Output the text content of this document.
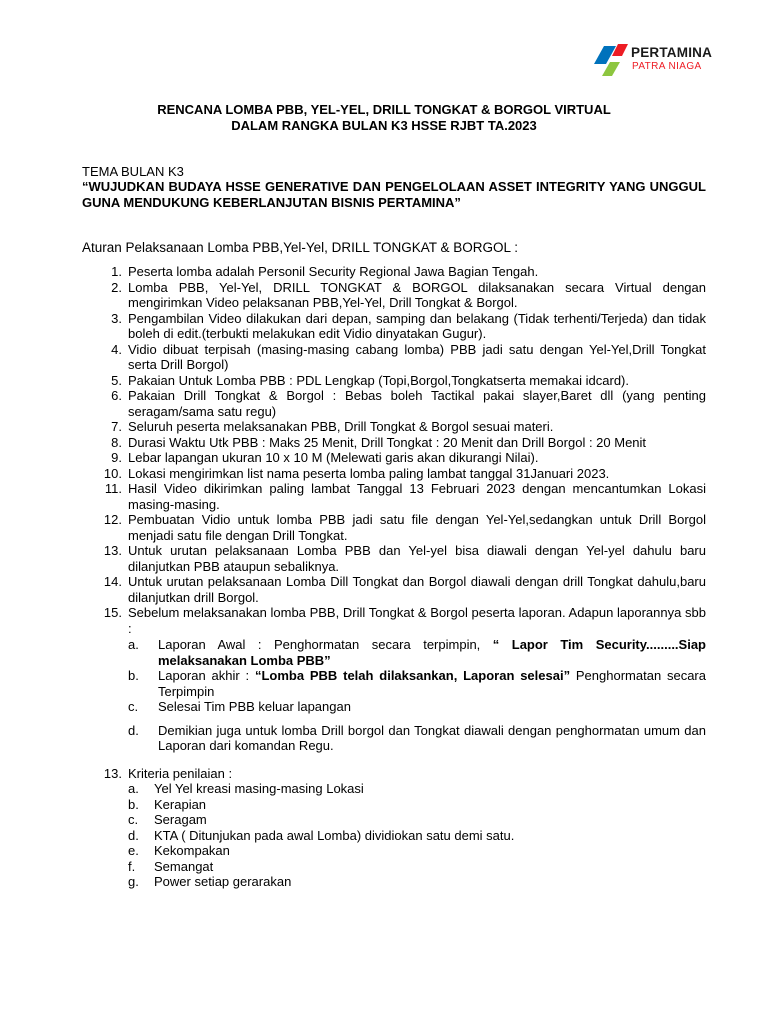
PERTAMINA
PATRA NIAGA
RENCANA LOMBA PBB, YEL-YEL, DRILL TONGKAT & BORGOL VIRTUAL
DALAM RANGKA BULAN K3 HSSE RJBT TA.2023
TEMA BULAN K3
“WUJUDKAN BUDAYA HSSE GENERATIVE DAN PENGELOLAAN ASSET INTEGRITY YANG UNGGUL GUNA MENDUKUNG KEBERLANJUTAN BISNIS PERTAMINA”
Aturan Pelaksanaan Lomba PBB,Yel-Yel, DRILL TONGKAT & BORGOL :
1. Peserta lomba adalah Personil Security Regional Jawa Bagian Tengah.
2. Lomba PBB, Yel-Yel, DRILL TONGKAT & BORGOL dilaksanakan secara Virtual dengan mengirimkan Video pelaksanan PBB,Yel-Yel, Drill Tongkat & Borgol.
3. Pengambilan Video dilakukan dari depan, samping dan belakang (Tidak terhenti/Terjeda) dan tidak boleh di edit.(terbukti melakukan edit Vidio dinyatakan Gugur).
4. Vidio dibuat terpisah (masing-masing cabang lomba) PBB jadi satu dengan Yel-Yel,Drill Tongkat serta Drill Borgol)
5. Pakaian Untuk Lomba PBB : PDL Lengkap (Topi,Borgol,Tongkatserta memakai idcard).
6. Pakaian Drill Tongkat & Borgol : Bebas boleh Tactikal pakai slayer,Baret dll (yang penting seragam/sama satu regu)
7. Seluruh peserta melaksanakan PBB, Drill Tongkat & Borgol sesuai materi.
8. Durasi Waktu Utk PBB : Maks 25 Menit, Drill Tongkat : 20 Menit dan Drill Borgol : 20 Menit
9. Lebar lapangan ukuran 10 x 10 M (Melewati garis akan dikurangi Nilai).
10. Lokasi mengirimkan list nama peserta lomba paling lambat tanggal 31Januari 2023.
11. Hasil Video dikirimkan paling lambat Tanggal 13 Februari 2023 dengan mencantumkan Lokasi masing-masing.
12. Pembuatan Vidio untuk lomba PBB jadi satu file dengan Yel-Yel,sedangkan untuk Drill Borgol menjadi satu file dengan Drill Tongkat.
13. Untuk urutan pelaksanaan Lomba PBB dan Yel-yel bisa diawali dengan Yel-yel dahulu baru dilanjutkan PBB ataupun sebaliknya.
14. Untuk urutan pelaksanaan Lomba Dill Tongkat dan Borgol diawali dengan drill Tongkat dahulu,baru dilanjutkan drill Borgol.
15. Sebelum melaksanakan lomba PBB, Drill Tongkat & Borgol peserta laporan. Adapun laporannya sbb :
a. Laporan Awal : Penghormatan secara terpimpin, “ Lapor Tim Security.........Siap melaksanakan Lomba PBB”
b. Laporan akhir : “Lomba PBB telah dilaksankan, Laporan selesai” Penghormatan secara Terpimpin
c. Selesai Tim PBB keluar lapangan
d. Demikian juga untuk lomba Drill borgol dan Tongkat diawali dengan penghormatan umum dan Laporan dari komandan Regu.
13. Kriteria penilaian :
a. Yel Yel kreasi masing-masing Lokasi
b. Kerapian
c. Seragam
d. KTA ( Ditunjukan pada awal Lomba) dividiokan satu demi satu.
e. Kekompakan
f. Semangat
g. Power setiap gerarakan
